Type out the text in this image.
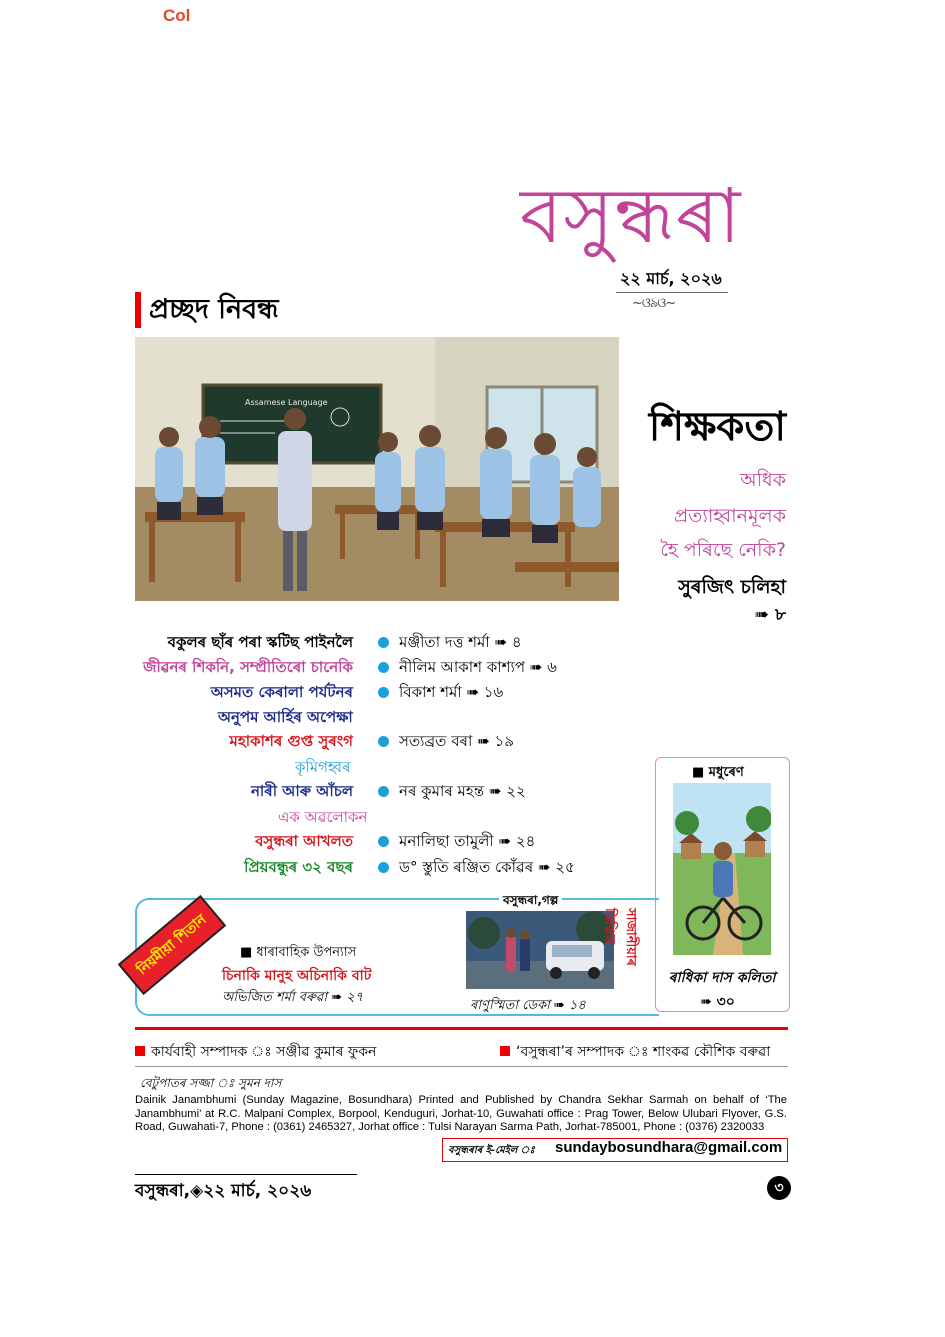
Col
বসুন্ধৰা
২২ মাৰ্চ, ২০২৬
~ଓ৯ଓ~
প্ৰচ্ছদ নিবন্ধ
Assamese Language
শিক্ষকতা
অধিক
প্ৰত্যাহ্বানমূলক
হৈ পৰিছে নেকি?
সুৰজিৎ চলিহা
➠ ৮
বকুলৰ ছাঁৰ পৰা স্কটিছ পাইনলৈ	মঞ্জীতা দত্ত শৰ্মা ➠ ৪
জীৱনৰ শিকনি, সম্প্ৰীতিৰো চানেকি	নীলিম আকাশ কাশ্যপ ➠ ৬
অসমত কেৰালা পৰ্যটনৰ	বিকাশ শৰ্মা ➠ ১৬
অনুপম আৰ্হিৰ অপেক্ষা
মহাকাশৰ গুপ্ত সুৰংগ	সত্যব্ৰত বৰা ➠ ১৯
কৃমিগহ্বৰ
নাৰী আৰু আঁচল	নৰ কুমাৰ মহন্ত ➠ ২২
এক অৱলোকন
বসুন্ধৰা আখলত	মনালিছা তামুলী ➠ ২৪
প্ৰিয়বন্ধুৰ ৩২ বছৰ	ড° স্তুতি ৰঞ্জিত কোঁৱৰ ➠ ২৫
■ মধুৰেণ
ৰাধিকা দাস কলিতা
➠ ৩০
নিয়মীয়া শিতান	■ ধাৰাবাহিক উপন্যাস
চিনাকি মানুহ অচিনাকি বাট
অভিজিত শৰ্মা বৰুৱা ➠ ২৭
বসুন্ধৰা,গল্প
ৰাণুস্মিতা ডেকা ➠ ১৪
সাজানীয়াৰ ডিঙিত
কাৰ্যবাহী সম্পাদক ঃ সঞ্জীৱ কুমাৰ ফুকন	‘বসুন্ধৰা’ৰ সম্পাদক ঃ শাংকৱ কৌশিক বৰুৱা
বেটুপাতৰ সজ্জা ঃ সুমন দাস
Dainik Janambhumi (Sunday Magazine, Bosundhara) Printed and Published by Chandra Sekhar Sarmah on behalf of ‘The Janambhumi’ at R.C. Malpani Complex, Borpool, Kenduguri, Jorhat-10, Guwahati office : Prag Tower, Below Ulubari Flyover, G.S. Road, Guwahati-7, Phone : (0361) 2465327, Jorhat office : Tulsi Narayan Sarma Path, Jorhat-785001, Phone : (0376) 2320033
বসুন্ধৰাৰ ই-মেইল ঃ sundaybosundhara@gmail.com
বসুন্ধৰা,◈২২ মাৰ্চ, ২০২৬	৩
